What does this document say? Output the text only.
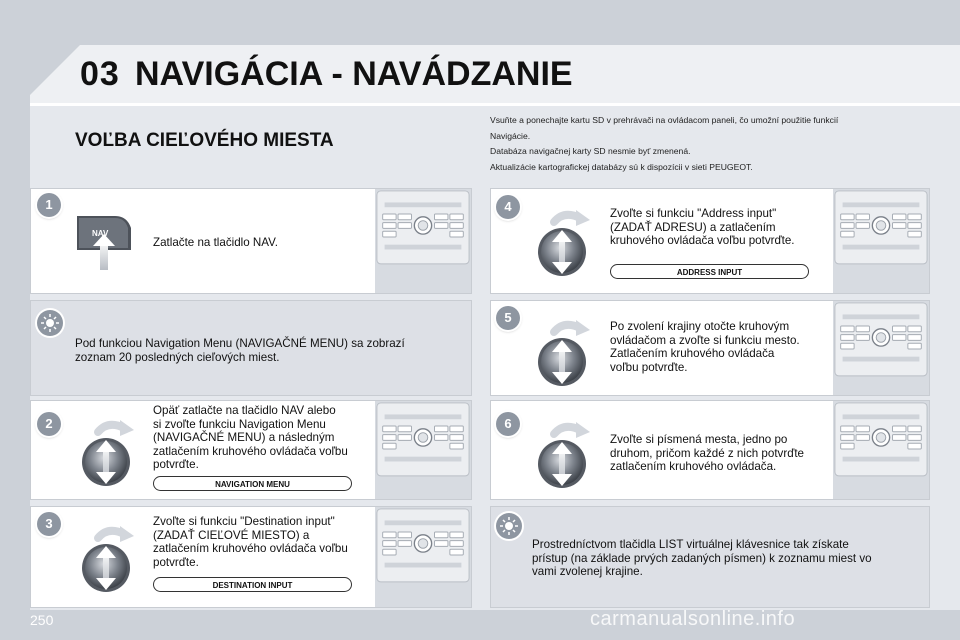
03 NAVIGÁCIA - NAVÁDZANIE
VOĽBA CIEĽOVÉHO MIESTA
Vsuňte a ponechajte kartu SD v prehrávači na ovládacom paneli, čo umožní použitie funkcií
Navigácie.
Databáza navigačnej karty SD nesmie byť zmenená.
Aktualizácie kartografickej databázy sú k dispozícii v sieti PEUGEOT.
1
NAV
Zatlačte na tlačidlo NAV.
Pod funkciou Navigation Menu (NAVIGAČNÉ MENU) sa zobrazí
zoznam 20 posledných cieľových miest.
2
Opäť zatlačte na tlačidlo NAV alebo
si zvoľte funkciu Navigation Menu
(NAVIGAČNÉ MENU) a následným
zatlačením kruhového ovládača voľbu
potvrďte.
NAVIGATION MENU
3	Zvoľte si funkciu "Destination input"
(ZADAŤ CIEĽOVÉ MIESTO) a
zatlačením kruhového ovládača voľbu
potvrďte.
DESTINATION INPUT
4	Zvoľte si funkciu "Address input"
(ZADAŤ ADRESU) a zatlačením
kruhového ovládača voľbu potvrďte.
ADDRESS INPUT
5
Po zvolení krajiny otočte kruhovým
ovládačom a zvoľte si funkciu mesto.
Zatlačením kruhového ovládača
voľbu potvrďte.
6
Zvoľte si písmená mesta, jedno po
druhom, pričom každé z nich potvrďte
zatlačením kruhového ovládača.
Prostredníctvom tlačidla LIST virtuálnej klávesnice tak získate
prístup (na základe prvých zadaných písmen) k zoznamu miest vo
vami zvolenej krajine.
250	carmanualsonline.info
